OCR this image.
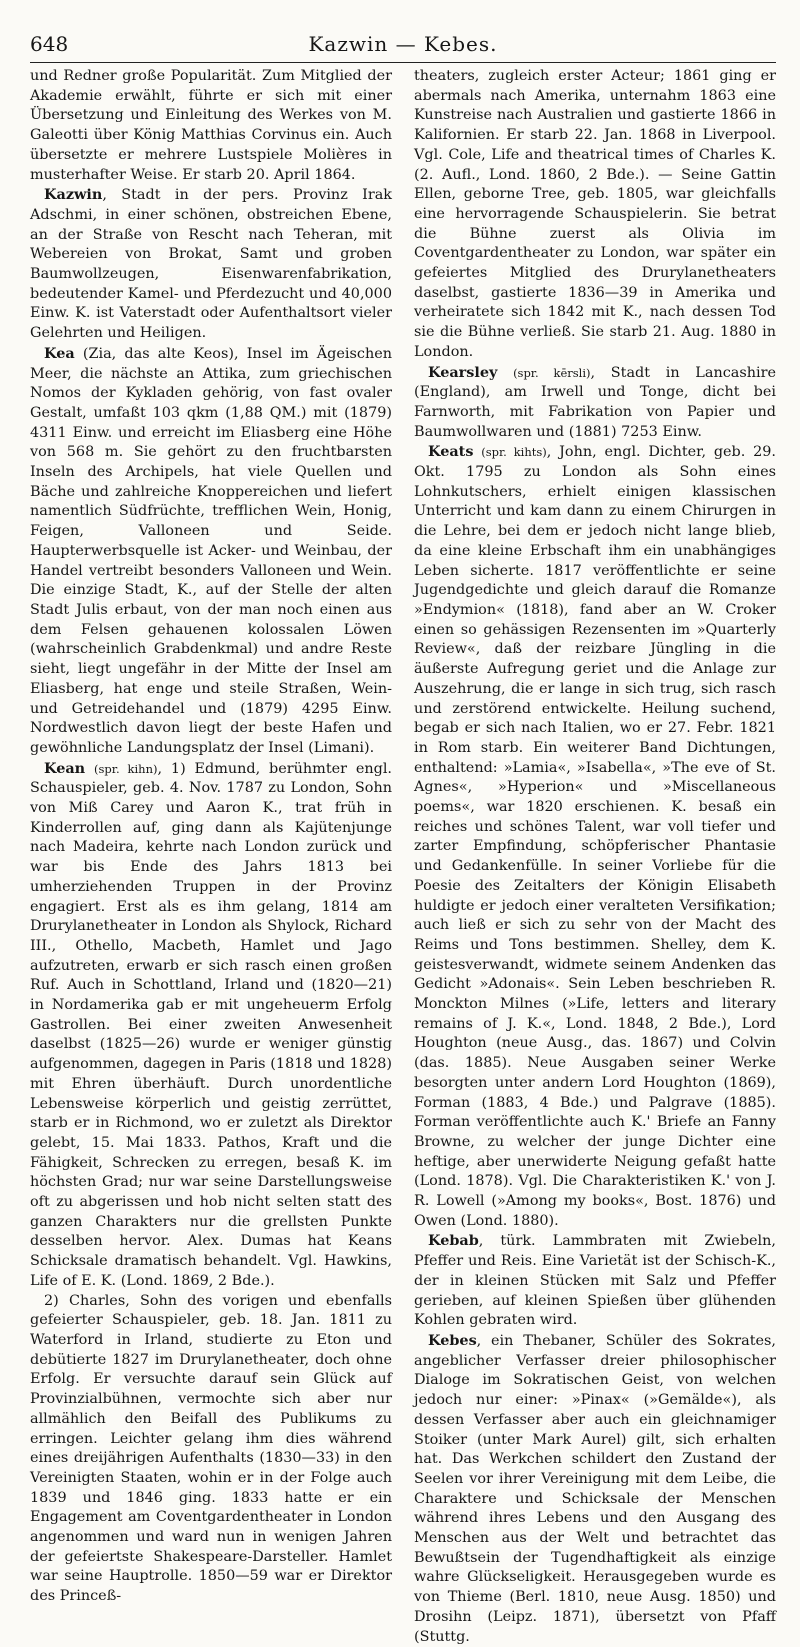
648	Kazwin — Kebes.

und Redner große Popularität. Zum Mitglied der Akademie erwählt, führte er sich mit einer Übersetzung und Einleitung des Werkes von M. Galeotti über König Matthias Corvinus ein. Auch übersetzte er mehrere Lustspiele Molières in musterhafter Weise. Er starb 20. April 1864.

Kazwin, Stadt in der pers. Provinz Irak Adschmi, in einer schönen, obstreichen Ebene, an der Straße von Rescht nach Teheran, mit Webereien von Brokat, Samt und groben Baumwollzeugen, Eisenwarenfabrikation, bedeutender Kamel- und Pferdezucht und 40,000 Einw. K. ist Vaterstadt oder Aufenthaltsort vieler Gelehrten und Heiligen.

Kea (Zia, das alte Keos), Insel im Ägeischen Meer, die nächste an Attika, zum griechischen Nomos der Kykladen gehörig, von fast ovaler Gestalt, umfaßt 103 qkm (1,88 QM.) mit (1879) 4311 Einw. und erreicht im Eliasberg eine Höhe von 568 m. Sie gehört zu den fruchtbarsten Inseln des Archipels, hat viele Quellen und Bäche und zahlreiche Knoppereichen und liefert namentlich Südfrüchte, trefflichen Wein, Honig, Feigen, Valloneen und Seide. Haupterwerbsquelle ist Acker- und Weinbau, der Handel vertreibt besonders Valloneen und Wein. Die einzige Stadt, K., auf der Stelle der alten Stadt Julis erbaut, von der man noch einen aus dem Felsen gehauenen kolossalen Löwen (wahrscheinlich Grabdenkmal) und andre Reste sieht, liegt ungefähr in der Mitte der Insel am Eliasberg, hat enge und steile Straßen, Wein- und Getreidehandel und (1879) 4295 Einw. Nordwestlich davon liegt der beste Hafen und gewöhnliche Landungsplatz der Insel (Limani).

Kean (spr. kihn), 1) Edmund, berühmter engl. Schauspieler, geb. 4. Nov. 1787 zu London, Sohn von Miß Carey und Aaron K., trat früh in Kinderrollen auf, ging dann als Kajütenjunge nach Madeira, kehrte nach London zurück und war bis Ende des Jahrs 1813 bei umherziehenden Truppen in der Provinz engagiert. Erst als es ihm gelang, 1814 am Drurylanetheater in London als Shylock, Richard III., Othello, Macbeth, Hamlet und Jago aufzutreten, erwarb er sich rasch einen großen Ruf. Auch in Schottland, Irland und (1820—21) in Nordamerika gab er mit ungeheuerm Erfolg Gastrollen. Bei einer zweiten Anwesenheit daselbst (1825—26) wurde er weniger günstig aufgenommen, dagegen in Paris (1818 und 1828) mit Ehren überhäuft. Durch unordentliche Lebensweise körperlich und geistig zerrüttet, starb er in Richmond, wo er zuletzt als Direktor gelebt, 15. Mai 1833. Pathos, Kraft und die Fähigkeit, Schrecken zu erregen, besaß K. im höchsten Grad; nur war seine Darstellungsweise oft zu abgerissen und hob nicht selten statt des ganzen Charakters nur die grellsten Punkte desselben hervor. Alex. Dumas hat Keans Schicksale dramatisch behandelt. Vgl. Hawkins, Life of E. K. (Lond. 1869, 2 Bde.).

2) Charles, Sohn des vorigen und ebenfalls gefeierter Schauspieler, geb. 18. Jan. 1811 zu Waterford in Irland, studierte zu Eton und debütierte 1827 im Drurylanetheater, doch ohne Erfolg. Er versuchte darauf sein Glück auf Provinzialbühnen, vermochte sich aber nur allmählich den Beifall des Publikums zu erringen. Leichter gelang ihm dies während eines dreijährigen Aufenthalts (1830—33) in den Vereinigten Staaten, wohin er in der Folge auch 1839 und 1846 ging. 1833 hatte er ein Engagement am Coventgardentheater in London angenommen und ward nun in wenigen Jahren der gefeiertste Shakespeare-Darsteller. Hamlet war seine Hauptrolle. 1850—59 war er Direktor des Princeß-

theaters, zugleich erster Acteur; 1861 ging er abermals nach Amerika, unternahm 1863 eine Kunstreise nach Australien und gastierte 1866 in Kalifornien. Er starb 22. Jan. 1868 in Liverpool. Vgl. Cole, Life and theatrical times of Charles K. (2. Aufl., Lond. 1860, 2 Bde.). — Seine Gattin Ellen, geborne Tree, geb. 1805, war gleichfalls eine hervorragende Schauspielerin. Sie betrat die Bühne zuerst als Olivia im Coventgardentheater zu London, war später ein gefeiertes Mitglied des Drurylanetheaters daselbst, gastierte 1836—39 in Amerika und verheiratete sich 1842 mit K., nach dessen Tod sie die Bühne verließ. Sie starb 21. Aug. 1880 in London.

Kearsley (spr. kērsli), Stadt in Lancashire (England), am Irwell und Tonge, dicht bei Farnworth, mit Fabrikation von Papier und Baumwollwaren und (1881) 7253 Einw.

Keats (spr. kihts), John, engl. Dichter, geb. 29. Okt. 1795 zu London als Sohn eines Lohnkutschers, erhielt einigen klassischen Unterricht und kam dann zu einem Chirurgen in die Lehre, bei dem er jedoch nicht lange blieb, da eine kleine Erbschaft ihm ein unabhängiges Leben sicherte. 1817 veröffentlichte er seine Jugendgedichte und gleich darauf die Romanze »Endymion« (1818), fand aber an W. Croker einen so gehässigen Rezensenten im »Quarterly Review«, daß der reizbare Jüngling in die äußerste Aufregung geriet und die Anlage zur Auszehrung, die er lange in sich trug, sich rasch und zerstörend entwickelte. Heilung suchend, begab er sich nach Italien, wo er 27. Febr. 1821 in Rom starb. Ein weiterer Band Dichtungen, enthaltend: »Lamia«, »Isabella«, »The eve of St. Agnes«, »Hyperion« und »Miscellaneous poems«, war 1820 erschienen. K. besaß ein reiches und schönes Talent, war voll tiefer und zarter Empfindung, schöpferischer Phantasie und Gedankenfülle. In seiner Vorliebe für die Poesie des Zeitalters der Königin Elisabeth huldigte er jedoch einer veralteten Versifikation; auch ließ er sich zu sehr von der Macht des Reims und Tons bestimmen. Shelley, dem K. geistesverwandt, widmete seinem Andenken das Gedicht »Adonais«. Sein Leben beschrieben R. Monckton Milnes (»Life, letters and literary remains of J. K.«, Lond. 1848, 2 Bde.), Lord Houghton (neue Ausg., das. 1867) und Colvin (das. 1885). Neue Ausgaben seiner Werke besorgten unter andern Lord Houghton (1869), Forman (1883, 4 Bde.) und Palgrave (1885). Forman veröffentlichte auch K.' Briefe an Fanny Browne, zu welcher der junge Dichter eine heftige, aber unerwiderte Neigung gefaßt hatte (Lond. 1878). Vgl. Die Charakteristiken K.' von J. R. Lowell (»Among my books«, Bost. 1876) und Owen (Lond. 1880).

Kebab, türk. Lammbraten mit Zwiebeln, Pfeffer und Reis. Eine Varietät ist der Schisch-K., der in kleinen Stücken mit Salz und Pfeffer gerieben, auf kleinen Spießen über glühenden Kohlen gebraten wird.

Kebes, ein Thebaner, Schüler des Sokrates, angeblicher Verfasser dreier philosophischer Dialoge im Sokratischen Geist, von welchen jedoch nur einer: »Pinax« (»Gemälde«), als dessen Verfasser aber auch ein gleichnamiger Stoiker (unter Mark Aurel) gilt, sich erhalten hat. Das Werkchen schildert den Zustand der Seelen vor ihrer Vereinigung mit dem Leibe, die Charaktere und Schicksale der Menschen während ihres Lebens und den Ausgang des Menschen aus der Welt und betrachtet das Bewußtsein der Tugendhaftigkeit als einzige wahre Glückseligkeit. Herausgegeben wurde es von Thieme (Berl. 1810, neue Ausg. 1850) und Drosihn (Leipz. 1871), übersetzt von Pfaff (Stuttg.
